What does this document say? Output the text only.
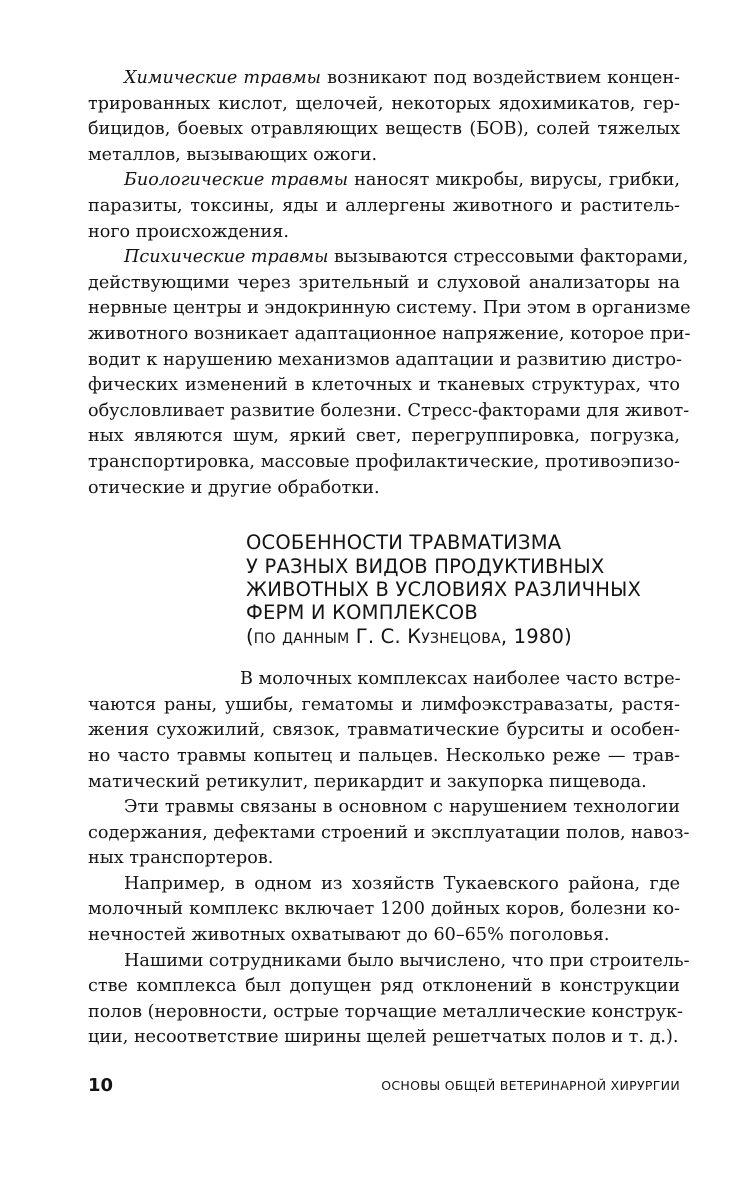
Химические травмы возникают под воздействием концен-
трированных кислот, щелочей, некоторых ядохимикатов, гер-
бицидов, боевых отравляющих веществ (БОВ), солей тяжелых
металлов, вызывающих ожоги.
Биологические травмы наносят микробы, вирусы, грибки,
паразиты, токсины, яды и аллергены животного и раститель-
ного происхождения.
Психические травмы вызываются стрессовыми факторами,
действующими через зрительный и слуховой анализаторы на
нервные центры и эндокринную систему. При этом в организме
животного возникает адаптационное напряжение, которое при-
водит к нарушению механизмов адаптации и развитию дистро-
фических изменений в клеточных и тканевых структурах, что
обусловливает развитие болезни. Стресс-факторами для живот-
ных являются шум, яркий свет, перегруппировка, погрузка,
транспортировка, массовые профилактические, противоэпизо-
отические и другие обработки.
ОСОБЕННОСТИ ТРАВМАТИЗМА
У РАЗНЫХ ВИДОВ ПРОДУКТИВНЫХ
ЖИВОТНЫХ В УСЛОВИЯХ РАЗЛИЧНЫХ
ФЕРМ И КОМПЛЕКСОВ
(по данным Г. С. Кузнецова, 1980)
В молочных комплексах наиболее часто встре-
чаются раны, ушибы, гематомы и лимфоэкстравазаты, растя-
жения сухожилий, связок, травматические бурситы и особен-
но часто травмы копытец и пальцев. Несколько реже — трав-
матический ретикулит, перикардит и закупорка пищевода.
Эти травмы связаны в основном с нарушением технологии
содержания, дефектами строений и эксплуатации полов, навоз-
ных транспортеров.
Например, в одном из хозяйств Тукаевского района, где
молочный комплекс включает 1200 дойных коров, болезни ко-
нечностей животных охватывают до 60–65% поголовья.
Нашими сотрудниками было вычислено, что при строитель-
стве комплекса был допущен ряд отклонений в конструкции
полов (неровности, острые торчащие металлические конструк-
ции, несоответствие ширины щелей решетчатых полов и т. д.).
10	ОСНОВЫ ОБЩЕЙ ВЕТЕРИНАРНОЙ ХИРУРГИИ
